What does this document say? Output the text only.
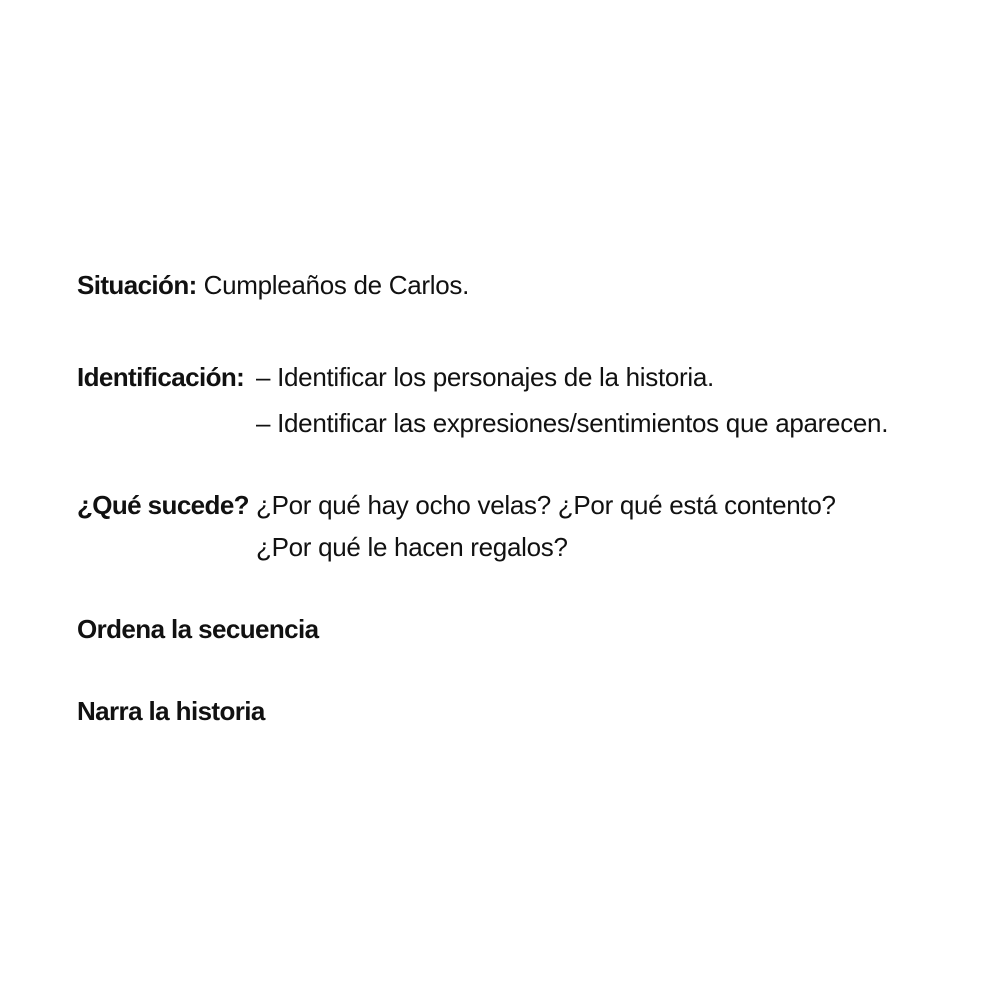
Situación: Cumpleaños de Carlos.
Identificación: – Identificar los personajes de la historia.
– Identificar las expresiones/sentimientos que aparecen.
¿Qué sucede? ¿Por qué hay ocho velas? ¿Por qué está contento?
¿Por qué le hacen regalos?
Ordena la secuencia
Narra la historia
